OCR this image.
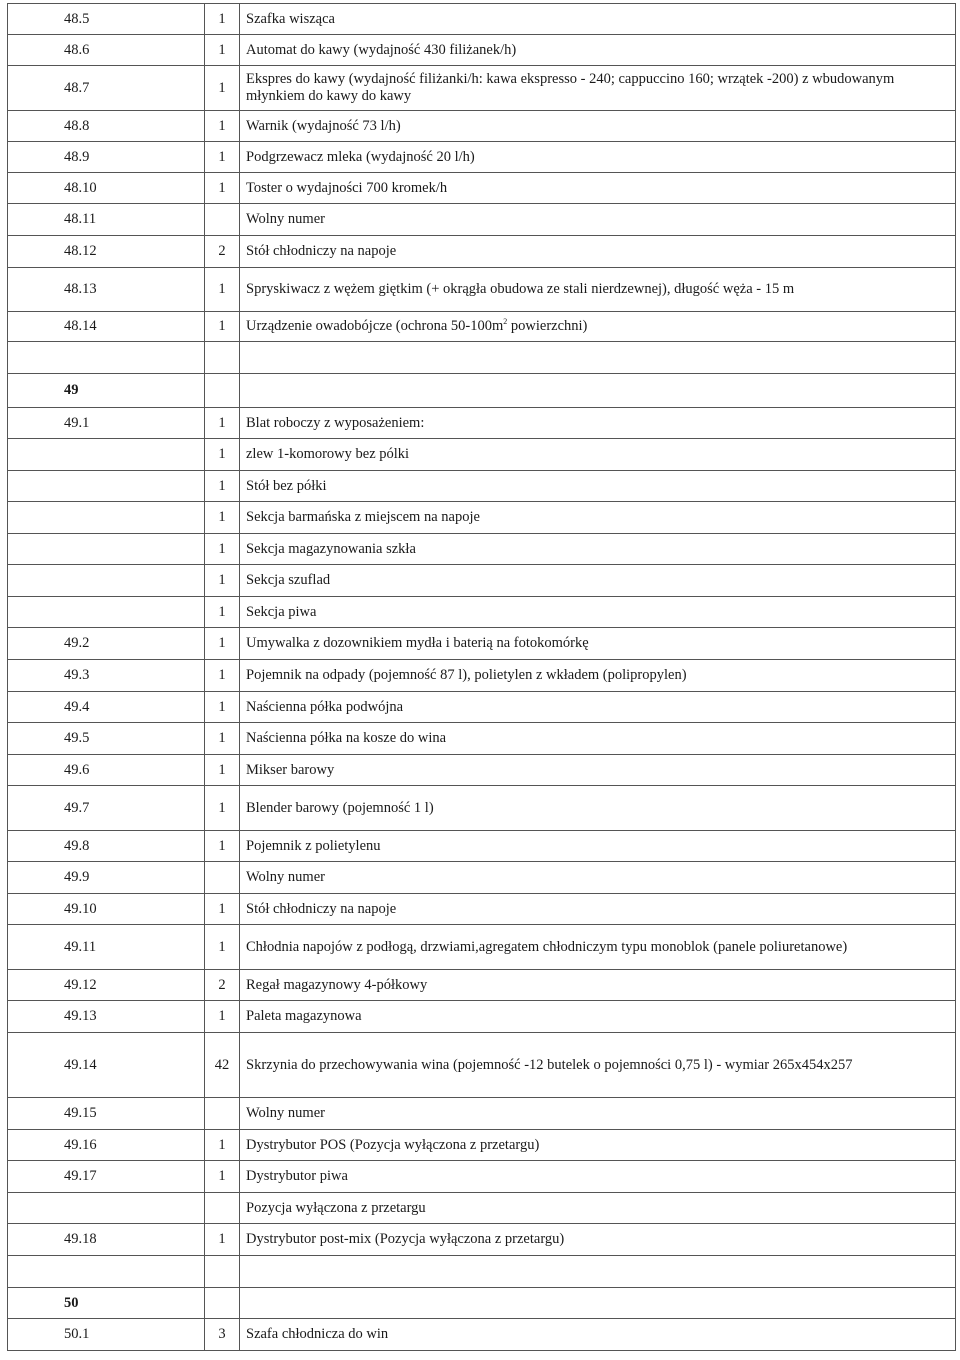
48.5	1	Szafka wisząca
48.6	1	Automat do kawy (wydajność 430 filiżanek/h)
48.7	1	Ekspres do kawy (wydajność filiżanki/h: kawa ekspresso - 240; cappuccino 160; wrzątek -200) z wbudowanym
młynkiem do kawy do kawy
48.8	1	Warnik (wydajność 73 l/h)
48.9	1	Podgrzewacz mleka (wydajność 20 l/h)
48.10	1	Toster o wydajności 700 kromek/h
48.11		Wolny numer
48.12	2	Stół chłodniczy na napoje
48.13	1	Spryskiwacz z wężem giętkim (+ okrągła obudowa ze stali nierdzewnej), długość węża - 15 m
48.14	1	Urządzenie owadobójcze (ochrona $50-100m^2$ powierzchni)

49		
49.1	1	Blat roboczy z wyposażeniem:
	1	zlew 1-komorowy bez pólki
	1	Stół bez półki
	1	Sekcja barmańska z miejscem na napoje
	1	Sekcja magazynowania szkła
	1	Sekcja szuflad
	1	Sekcja piwa
49.2	1	Umywalka z dozownikiem mydła i baterią na fotokomórkę
49.3	1	Pojemnik na odpady (pojemność 87 l), polietylen z wkładem (polipropylen)
49.4	1	Naścienna półka podwójna
49.5	1	Naścienna półka na kosze do wina
49.6	1	Mikser barowy
49.7	1	Blender barowy (pojemność 1 l)
49.8	1	Pojemnik z polietylenu
49.9		Wolny numer
49.10	1	Stół chłodniczy na napoje
49.11	1	Chłodnia napojów z podłogą, drzwiami,agregatem chłodniczym typu monoblok (panele poliuretanowe)
49.12	2	Regał magazynowy 4-półkowy
49.13	1	Paleta magazynowa
49.14	42	Skrzynia do przechowywania wina (pojemność -12 butelek o pojemności 0,75 l) - wymiar 265x454x257
49.15		Wolny numer
49.16	1	Dystrybutor POS (Pozycja wyłączona z przetargu)
49.17	1	Dystrybutor piwa
		Pozycja wyłączona z przetargu
49.18	1	Dystrybutor post-mix (Pozycja wyłączona z przetargu)

50		
50.1	3	Szafa chłodnicza do win
